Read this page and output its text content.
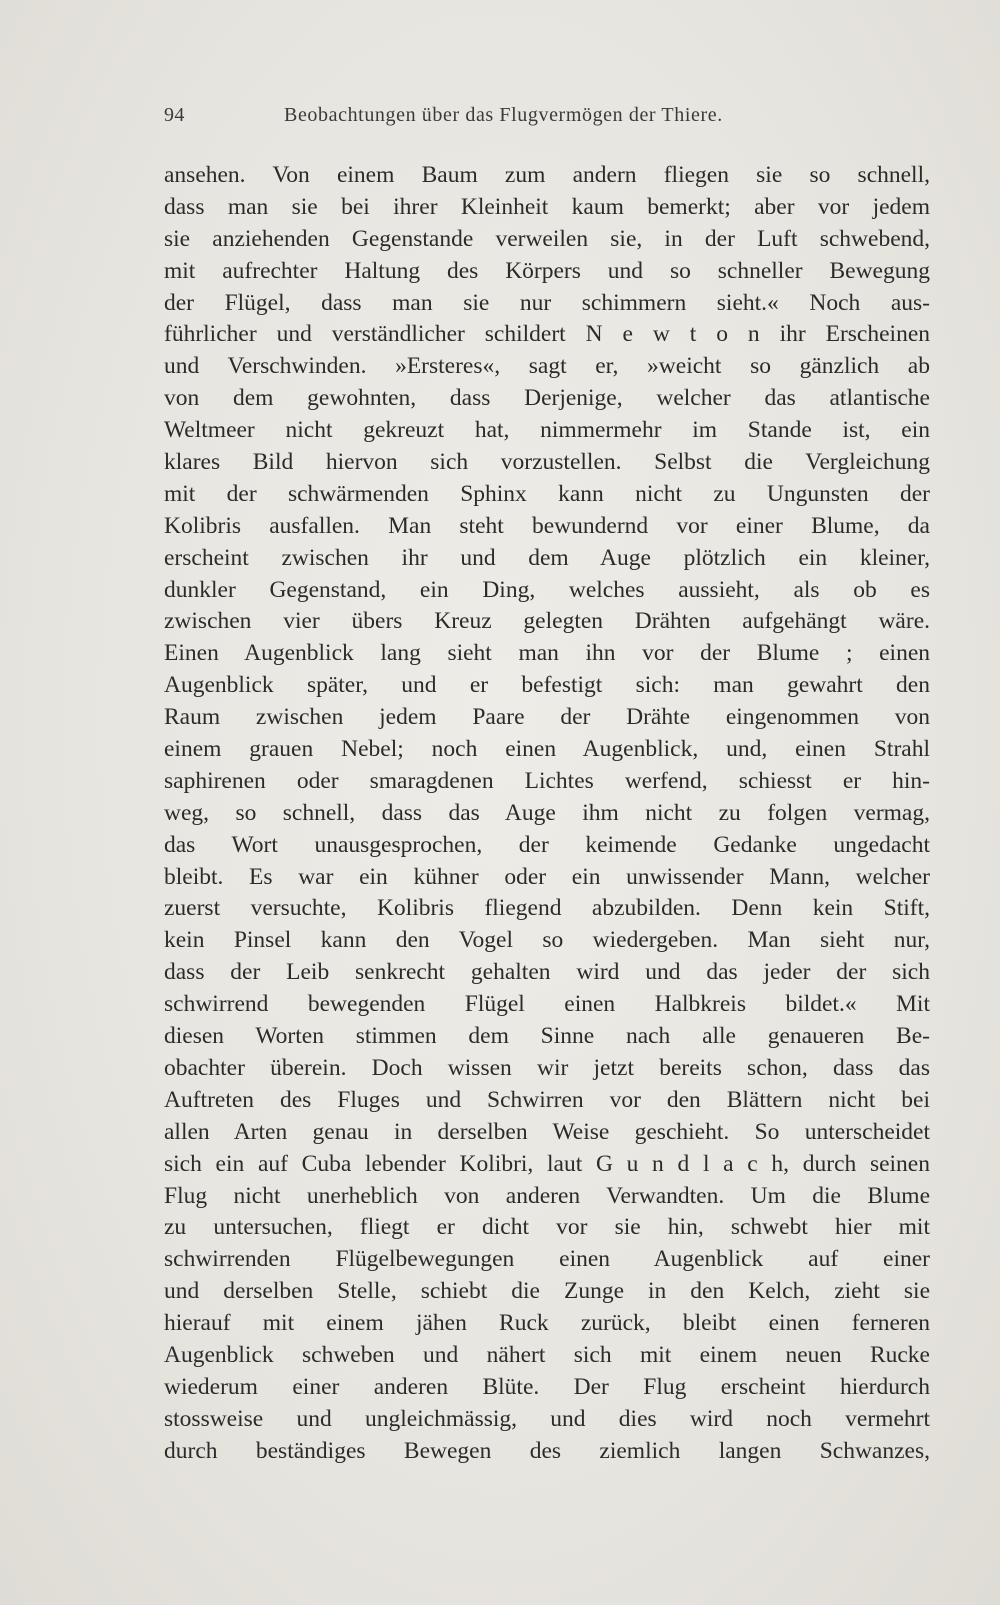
94	Beobachtungen über das Flugvermögen der Thiere.
ansehen. Von einem Baum zum andern fliegen sie so schnell,
dass man sie bei ihrer Kleinheit kaum bemerkt; aber vor jedem
sie anziehenden Gegenstande verweilen sie, in der Luft schwebend,
mit aufrechter Haltung des Körpers und so schneller Bewegung
der Flügel, dass man sie nur schimmern sieht.« Noch aus-
führlicher und verständlicher schildert N e w t o n ihr Erscheinen
und Verschwinden. »Ersteres«, sagt er, »weicht so gänzlich ab
von dem gewohnten, dass Derjenige, welcher das atlantische
Weltmeer nicht gekreuzt hat, nimmermehr im Stande ist, ein
klares Bild hiervon sich vorzustellen. Selbst die Vergleichung
mit der schwärmenden Sphinx kann nicht zu Ungunsten der
Kolibris ausfallen. Man steht bewundernd vor einer Blume, da
erscheint zwischen ihr und dem Auge plötzlich ein kleiner,
dunkler Gegenstand, ein Ding, welches aussieht, als ob es
zwischen vier übers Kreuz gelegten Drähten aufgehängt wäre.
Einen Augenblick lang sieht man ihn vor der Blume ; einen
Augenblick später, und er befestigt sich: man gewahrt den
Raum zwischen jedem Paare der Drähte eingenommen von
einem grauen Nebel; noch einen Augenblick, und, einen Strahl
saphirenen oder smaragdenen Lichtes werfend, schiesst er hin-
weg, so schnell, dass das Auge ihm nicht zu folgen vermag,
das Wort unausgesprochen, der keimende Gedanke ungedacht
bleibt. Es war ein kühner oder ein unwissender Mann, welcher
zuerst versuchte, Kolibris fliegend abzubilden. Denn kein Stift,
kein Pinsel kann den Vogel so wiedergeben. Man sieht nur,
dass der Leib senkrecht gehalten wird und das jeder der sich
schwirrend bewegenden Flügel einen Halbkreis bildet.« Mit
diesen Worten stimmen dem Sinne nach alle genaueren Be-
obachter überein. Doch wissen wir jetzt bereits schon, dass das
Auftreten des Fluges und Schwirren vor den Blättern nicht bei
allen Arten genau in derselben Weise geschieht. So unterscheidet
sich ein auf Cuba lebender Kolibri, laut G u n d l a c h, durch seinen
Flug nicht unerheblich von anderen Verwandten. Um die Blume
zu untersuchen, fliegt er dicht vor sie hin, schwebt hier mit
schwirrenden Flügelbewegungen einen Augenblick auf einer
und derselben Stelle, schiebt die Zunge in den Kelch, zieht sie
hierauf mit einem jähen Ruck zurück, bleibt einen ferneren
Augenblick schweben und nähert sich mit einem neuen Rucke
wiederum einer anderen Blüte. Der Flug erscheint hierdurch
stossweise und ungleichmässig, und dies wird noch vermehrt
durch beständiges Bewegen des ziemlich langen Schwanzes,
